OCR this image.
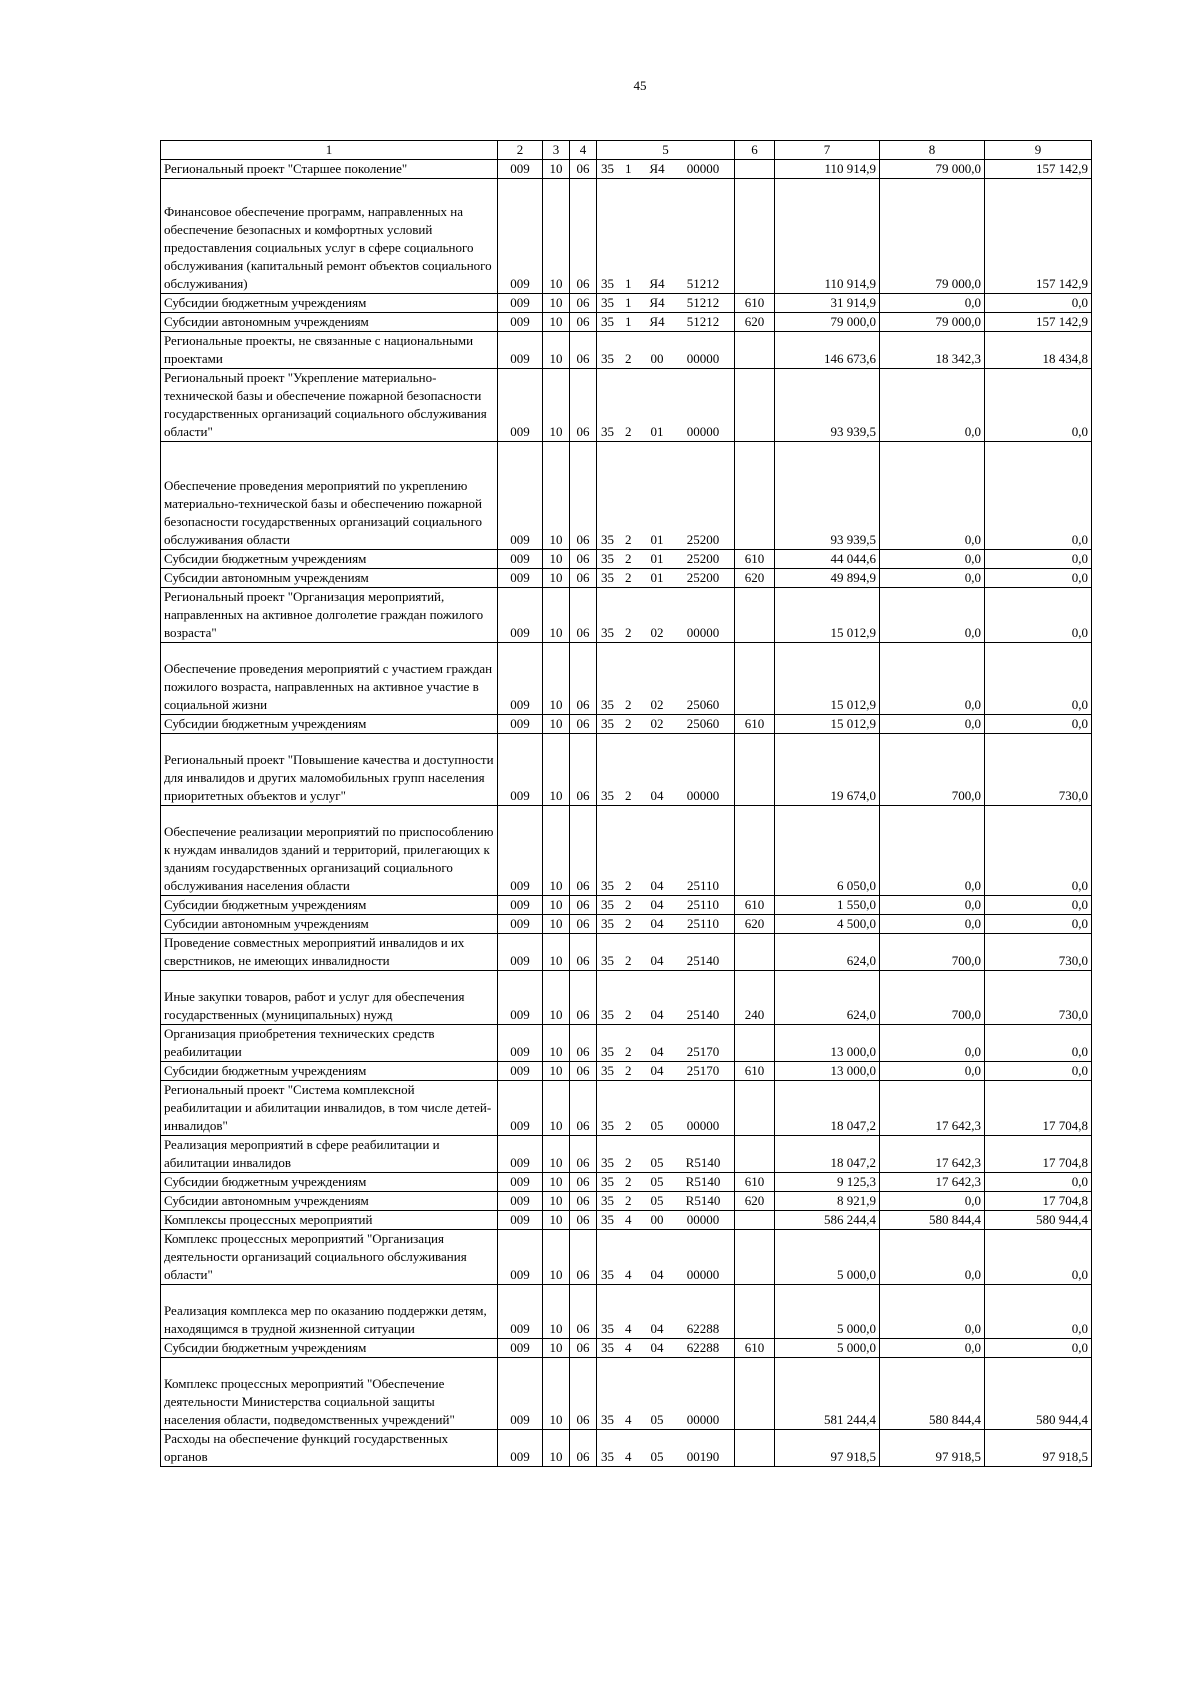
45
1	2	3	4	5	6	7	8	9

Региональный проект "Старшее поколение"	009	10	06	35 1 Я4 00000		110 914,9	79 000,0	157 142,9

Финансовое обеспечение программ, направленных на обеспечение безопасных и комфортных условий предоставления социальных услуг в сфере социального обслуживания (капитальный ремонт объектов социального обслуживания)	009	10	06	35 1 Я4 51212		110 914,9	79 000,0	157 142,9

Субсидии бюджетным учреждениям	009	10	06	35 1 Я4 51212	610	31 914,9	0,0	0,0

Субсидии автономным учреждениям	009	10	06	35 1 Я4 51212	620	79 000,0	79 000,0	157 142,9

Региональные проекты, не связанные с национальными проектами	009	10	06	35 2 00 00000		146 673,6	18 342,3	18 434,8

Региональный проект "Укрепление материально-технической базы и обеспечение пожарной безопасности государственных организаций социального обслуживания области"	009	10	06	35 2 01 00000		93 939,5	0,0	0,0

Обеспечение проведения мероприятий по укреплению материально-технической базы и обеспечению пожарной безопасности государственных организаций социального обслуживания области	009	10	06	35 2 01 25200		93 939,5	0,0	0,0

Субсидии бюджетным учреждениям	009	10	06	35 2 01 25200	610	44 044,6	0,0	0,0

Субсидии автономным учреждениям	009	10	06	35 2 01 25200	620	49 894,9	0,0	0,0

Региональный проект "Организация мероприятий, направленных на активное долголетие граждан пожилого возраста"	009	10	06	35 2 02 00000		15 012,9	0,0	0,0

Обеспечение проведения мероприятий с участием граждан пожилого возраста, направленных на активное участие в социальной жизни	009	10	06	35 2 02 25060		15 012,9	0,0	0,0

Субсидии бюджетным учреждениям	009	10	06	35 2 02 25060	610	15 012,9	0,0	0,0

Региональный проект "Повышение качества и доступности для инвалидов и других маломобильных групп населения приоритетных объектов и услуг"	009	10	06	35 2 04 00000		19 674,0	700,0	730,0

Обеспечение реализации мероприятий по приспособлению к нуждам инвалидов зданий и территорий, прилегающих к зданиям государственных организаций социального обслуживания населения области	009	10	06	35 2 04 25110		6 050,0	0,0	0,0

Субсидии бюджетным учреждениям	009	10	06	35 2 04 25110	610	1 550,0	0,0	0,0

Субсидии автономным учреждениям	009	10	06	35 2 04 25110	620	4 500,0	0,0	0,0

Проведение совместных мероприятий инвалидов и их сверстников, не имеющих инвалидности	009	10	06	35 2 04 25140		624,0	700,0	730,0

Иные закупки товаров, работ и услуг для обеспечения государственных (муниципальных) нужд	009	10	06	35 2 04 25140	240	624,0	700,0	730,0

Организация приобретения технических средств реабилитации	009	10	06	35 2 04 25170		13 000,0	0,0	0,0

Субсидии бюджетным учреждениям	009	10	06	35 2 04 25170	610	13 000,0	0,0	0,0

Региональный проект "Система комплексной реабилитации и абилитации инвалидов, в том числе детей-инвалидов"	009	10	06	35 2 05 00000		18 047,2	17 642,3	17 704,8

Реализация мероприятий в сфере реабилитации и абилитации инвалидов	009	10	06	35 2 05 R5140		18 047,2	17 642,3	17 704,8

Субсидии бюджетным учреждениям	009	10	06	35 2 05 R5140	610	9 125,3	17 642,3	0,0

Субсидии автономным учреждениям	009	10	06	35 2 05 R5140	620	8 921,9	0,0	17 704,8

Комплексы процессных мероприятий	009	10	06	35 4 00 00000		586 244,4	580 844,4	580 944,4

Комплекс процессных мероприятий "Организация деятельности организаций социального обслуживания области"	009	10	06	35 4 04 00000		5 000,0	0,0	0,0

Реализация комплекса мер по оказанию поддержки детям, находящимся в трудной жизненной ситуации	009	10	06	35 4 04 62288		5 000,0	0,0	0,0

Субсидии бюджетным учреждениям	009	10	06	35 4 04 62288	610	5 000,0	0,0	0,0

Комплекс процессных мероприятий "Обеспечение деятельности Министерства социальной защиты населения области, подведомственных учреждений"	009	10	06	35 4 05 00000		581 244,4	580 844,4	580 944,4

Расходы на обеспечение функций государственных органов	009	10	06	35 4 05 00190		97 918,5	97 918,5	97 918,5
